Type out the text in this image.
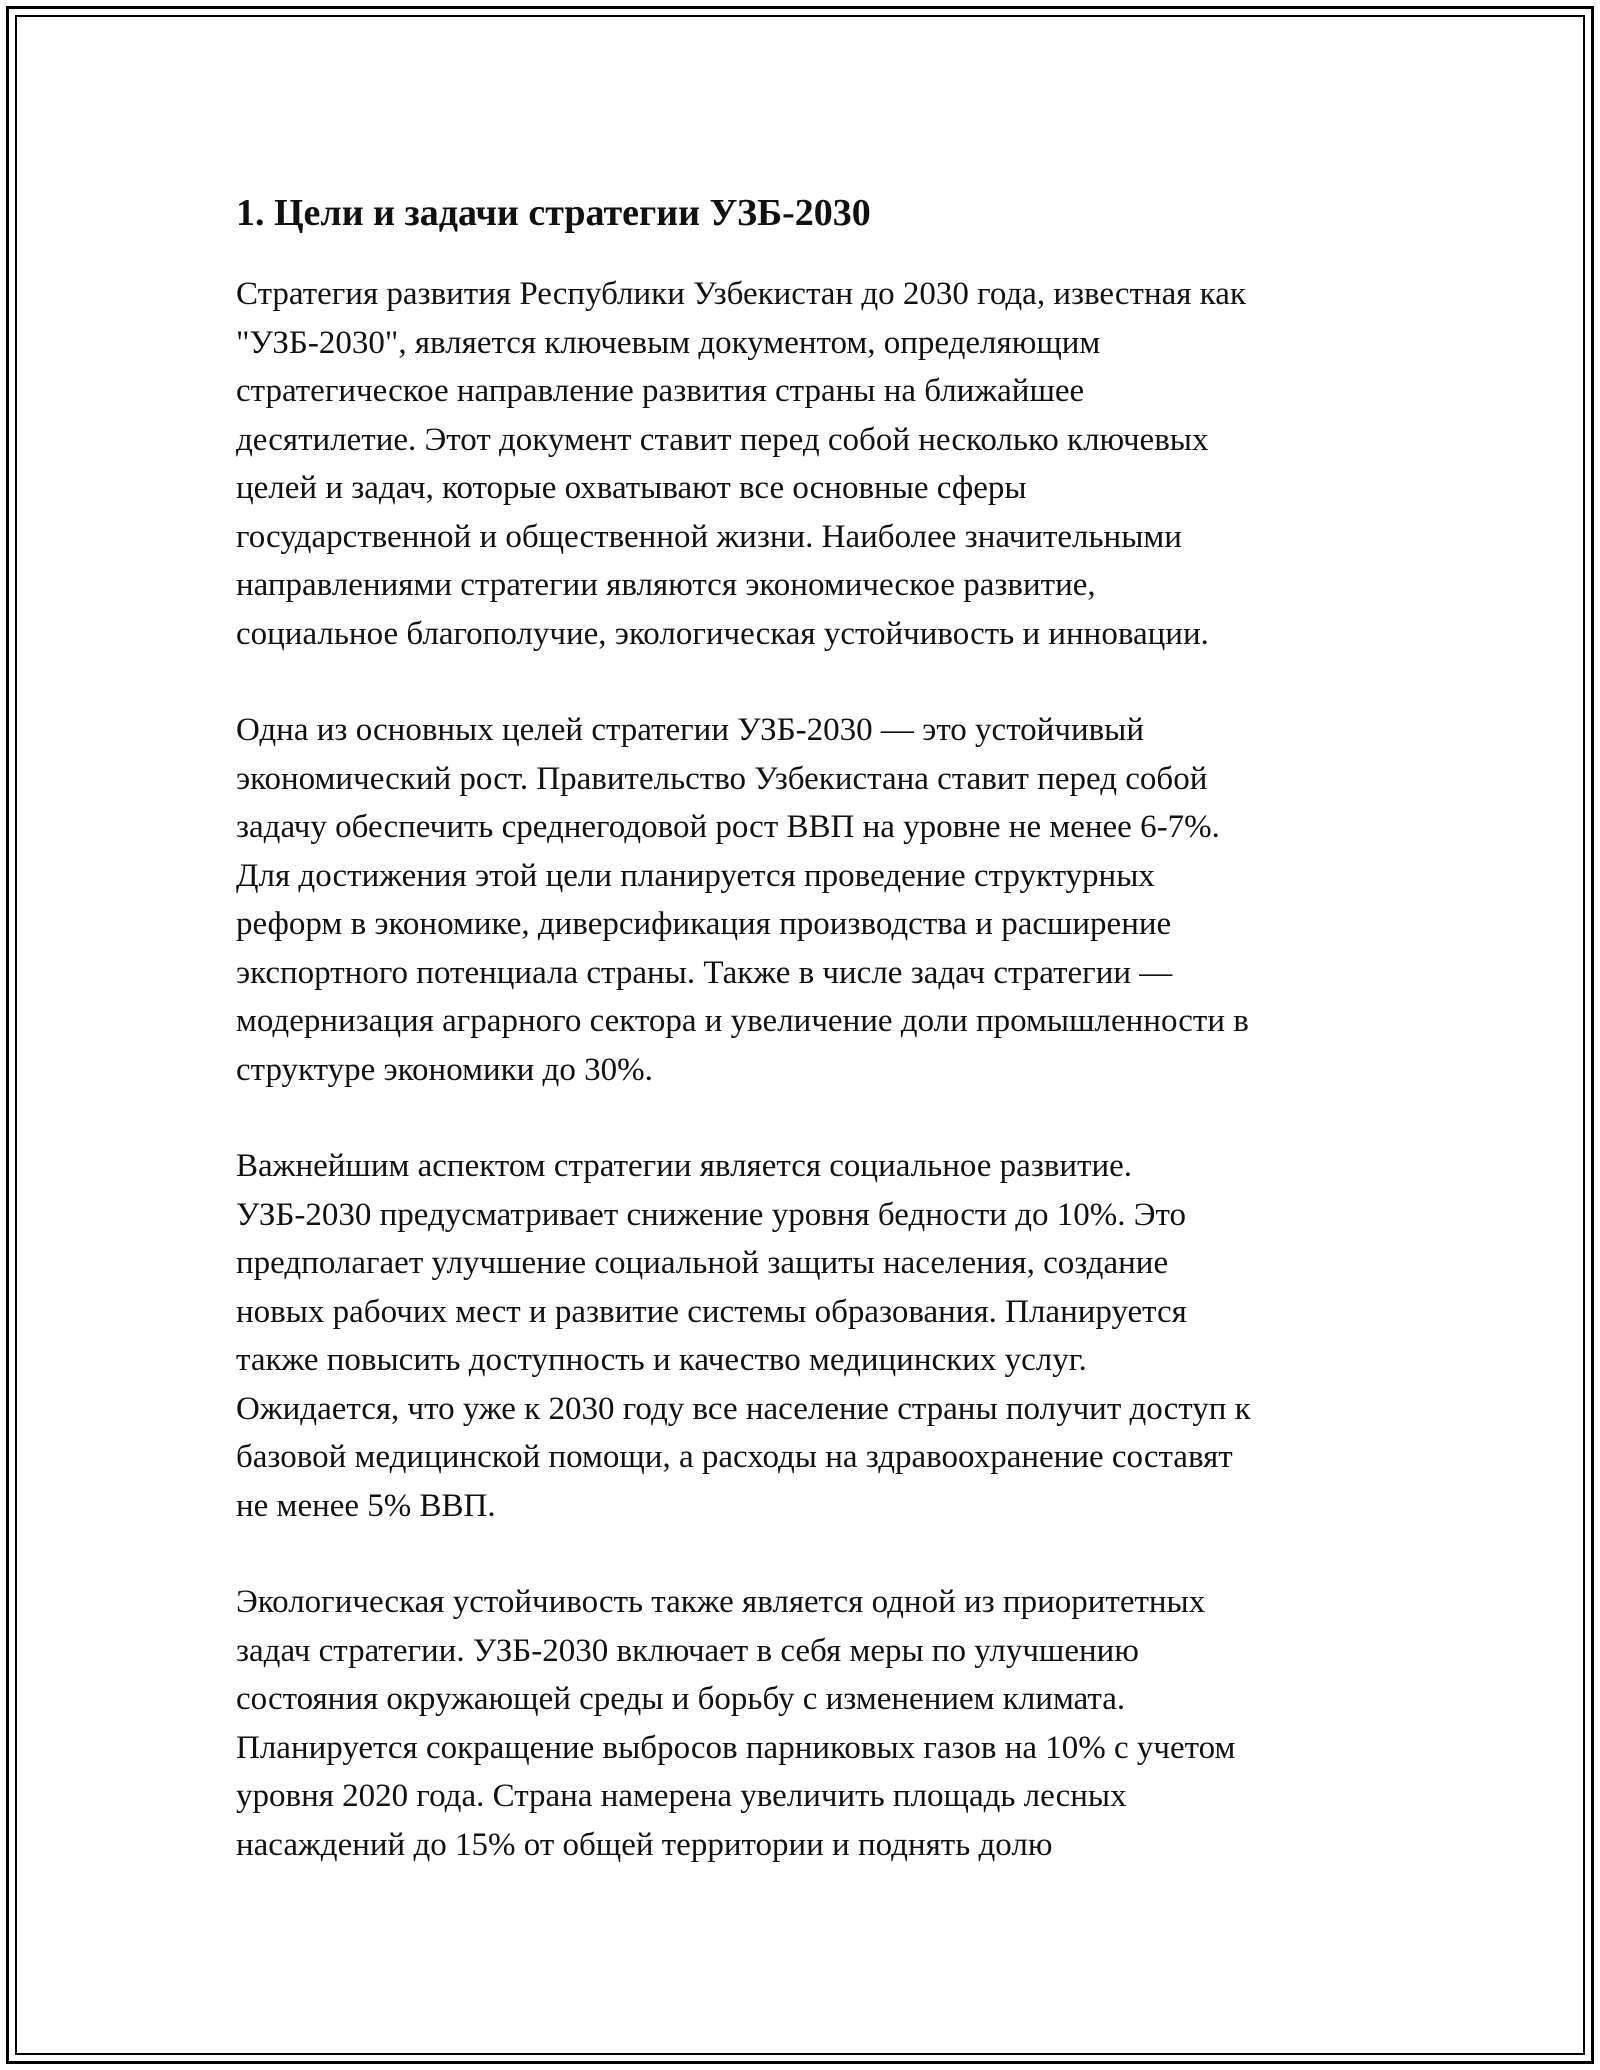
1. Цели и задачи стратегии УЗБ-2030

Стратегия развития Республики Узбекистан до 2030 года, известная как
"УЗБ-2030", является ключевым документом, определяющим
стратегическое направление развития страны на ближайшее
десятилетие. Этот документ ставит перед собой несколько ключевых
целей и задач, которые охватывают все основные сферы
государственной и общественной жизни. Наиболее значительными
направлениями стратегии являются экономическое развитие,
социальное благополучие, экологическая устойчивость и инновации.

Одна из основных целей стратегии УЗБ-2030 — это устойчивый
экономический рост. Правительство Узбекистана ставит перед собой
задачу обеспечить среднегодовой рост ВВП на уровне не менее 6-7%.
Для достижения этой цели планируется проведение структурных
реформ в экономике, диверсификация производства и расширение
экспортного потенциала страны. Также в числе задач стратегии —
модернизация аграрного сектора и увеличение доли промышленности в
структуре экономики до 30%.

Важнейшим аспектом стратегии является социальное развитие.
УЗБ-2030 предусматривает снижение уровня бедности до 10%. Это
предполагает улучшение социальной защиты населения, создание
новых рабочих мест и развитие системы образования. Планируется
также повысить доступность и качество медицинских услуг.
Ожидается, что уже к 2030 году все население страны получит доступ к
базовой медицинской помощи, а расходы на здравоохранение составят
не менее 5% ВВП.

Экологическая устойчивость также является одной из приоритетных
задач стратегии. УЗБ-2030 включает в себя меры по улучшению
состояния окружающей среды и борьбу с изменением климата.
Планируется сокращение выбросов парниковых газов на 10% с учетом
уровня 2020 года. Страна намерена увеличить площадь лесных
насаждений до 15% от общей территории и поднять долю
